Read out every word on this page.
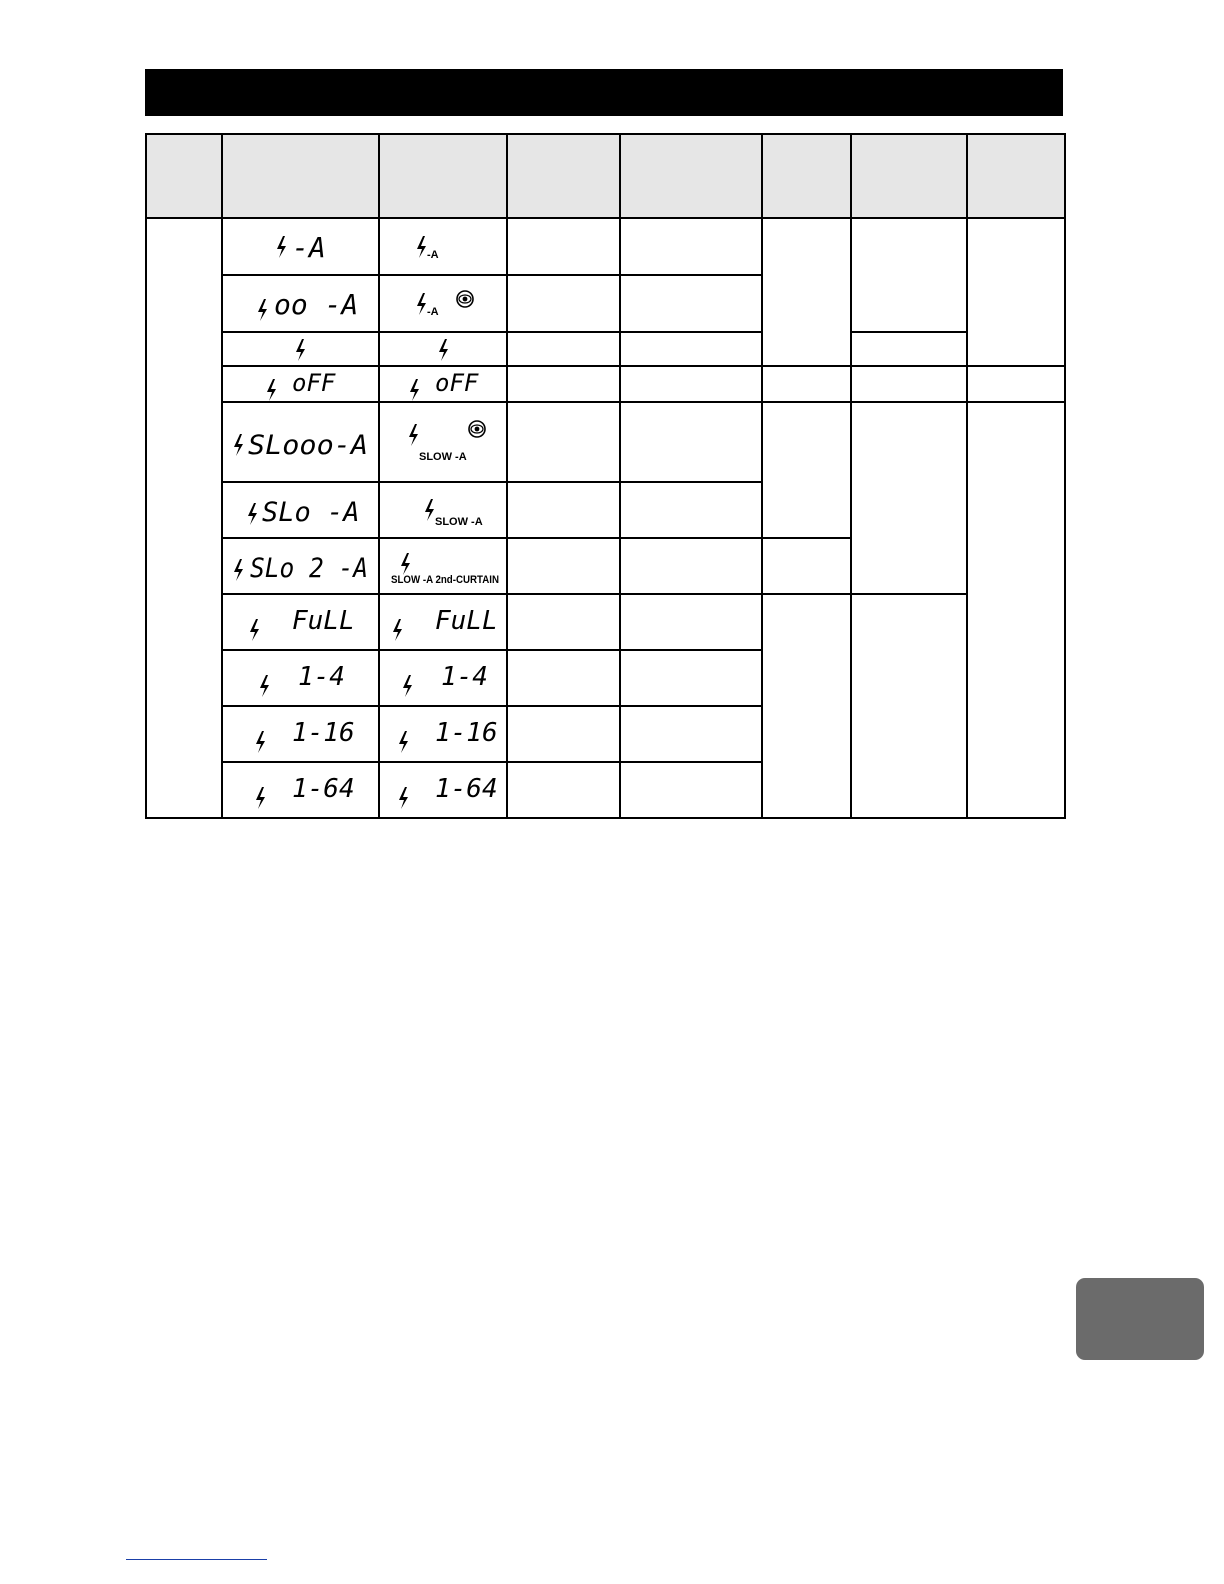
-A	-A					

oo -A	-A					

oFF	oFF					

SLooo-A	SLOW -A					

SLo -A	SLOW -A					

SLo 2 -A	SLOW -A 2nd-CURTAIN					

FuLL	FuLL					

1-4	1-4					

1-16	1-16					

1-64	1-64					
